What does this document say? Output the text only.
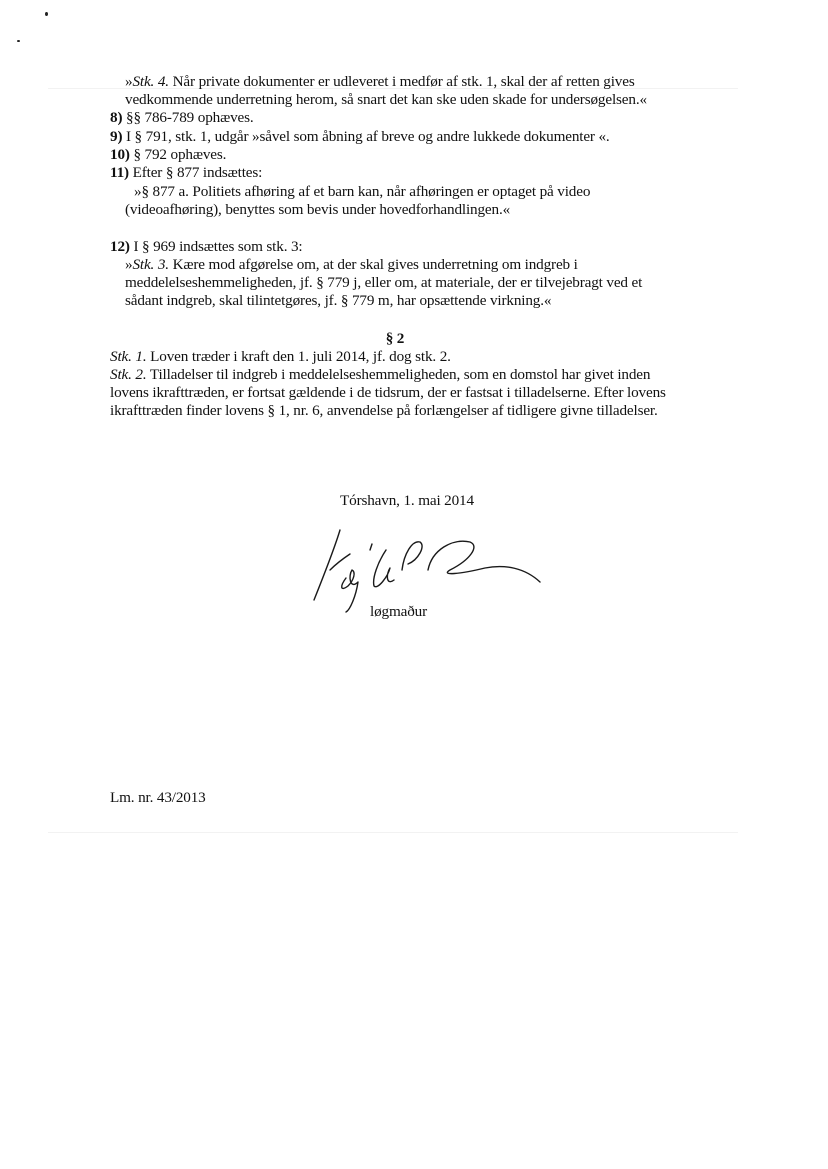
»Stk. 4. Når private dokumenter er udleveret i medfør af stk. 1, skal der af retten gives
vedkommende underretning herom, så snart det kan ske uden skade for undersøgelsen.«
8) §§ 786-789 ophæves.
9) I § 791, stk. 1, udgår »såvel som åbning af breve og andre lukkede dokumenter «.
10) § 792 ophæves.
11) Efter § 877 indsættes:
»§ 877 a. Politiets afhøring af et barn kan, når afhøringen er optaget på video
(videoafhøring), benyttes som bevis under hovedforhandlingen.«
12) I § 969 indsættes som stk. 3:
»Stk. 3. Kære mod afgørelse om, at der skal gives underretning om indgreb i
meddelelseshemmeligheden, jf. § 779 j, eller om, at materiale, der er tilvejebragt ved et
sådant indgreb, skal tilintetgøres, jf. § 779 m, har opsættende virkning.«
§ 2
Stk. 1. Loven træder i kraft den 1. juli 2014, jf. dog stk. 2.
Stk. 2. Tilladelser til indgreb i meddelelseshemmeligheden, som en domstol har givet inden
lovens ikrafttræden, er fortsat gældende i de tidsrum, der er fastsat i tilladelserne. Efter lovens
ikrafttræden finder lovens § 1, nr. 6, anvendelse på forlængelser af tidligere givne tilladelser.
Tórshavn, 1. mai 2014
løgmaður
Lm. nr. 43/2013
